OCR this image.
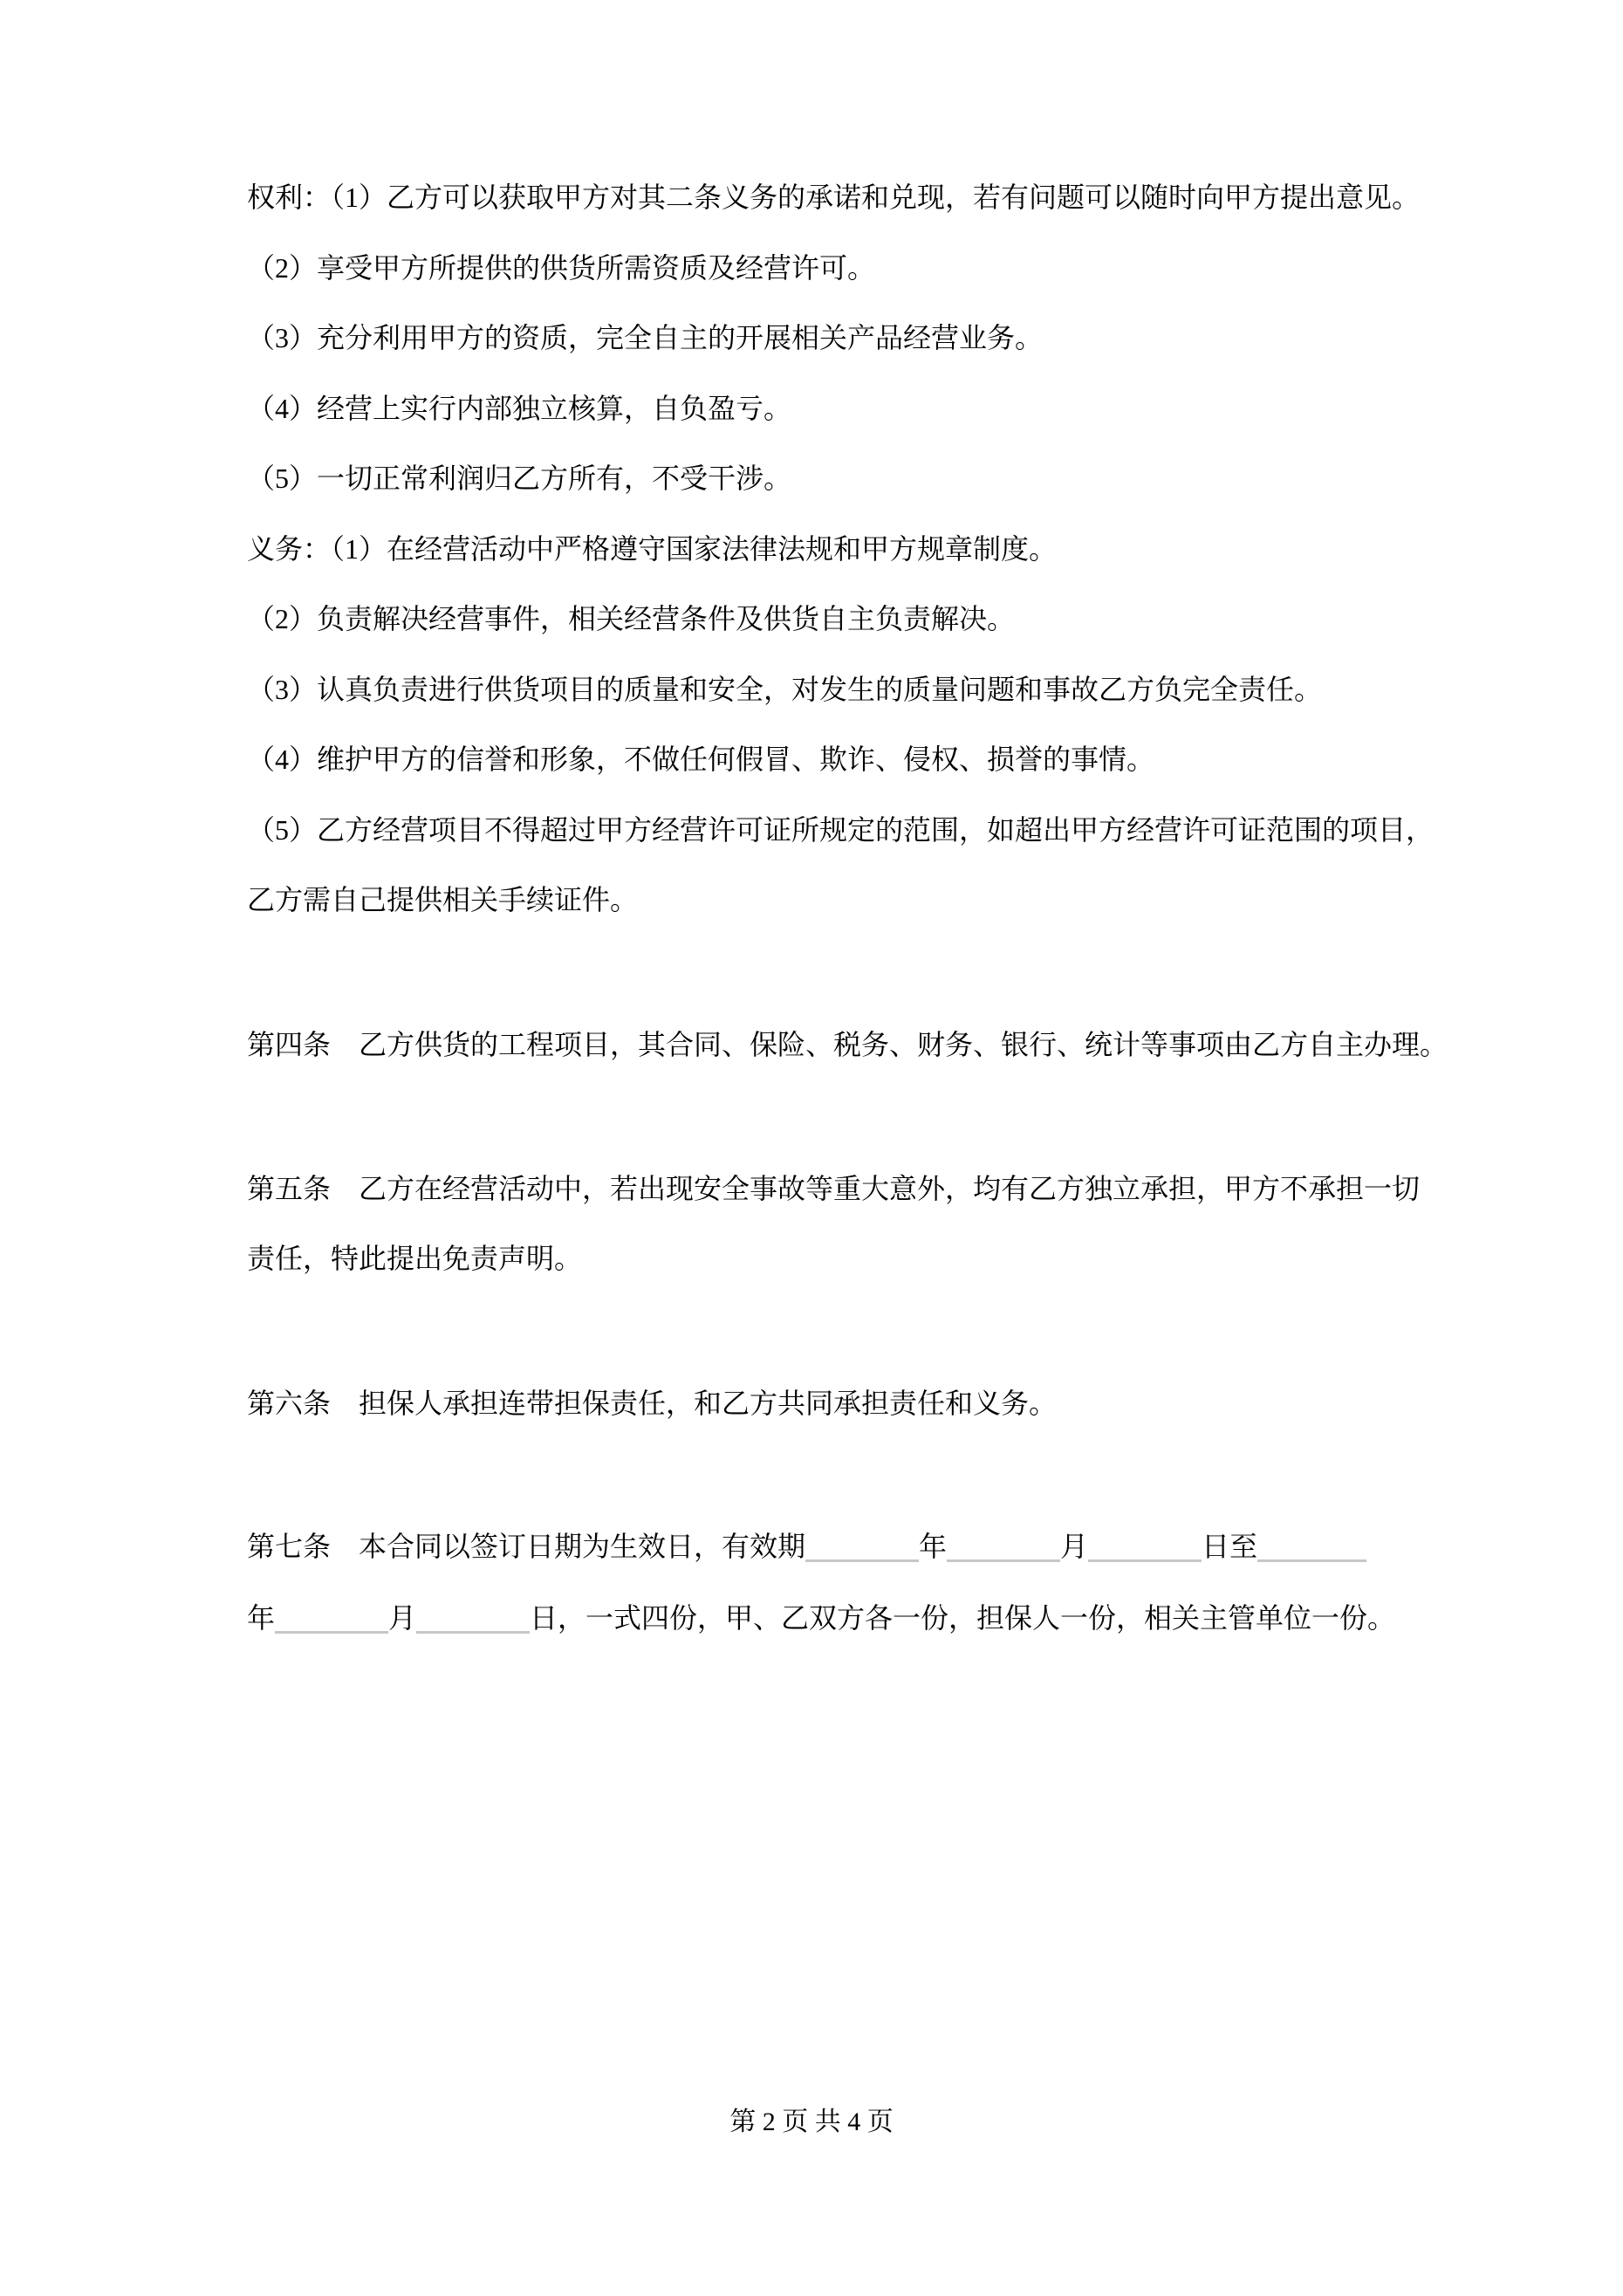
权利：（1）乙方可以获取甲方对其二条义务的承诺和兑现，若有问题可以随时向甲方提出意见。
（2）享受甲方所提供的供货所需资质及经营许可。
（3）充分利用甲方的资质，完全自主的开展相关产品经营业务。
（4）经营上实行内部独立核算，自负盈亏。
（5）一切正常利润归乙方所有，不受干涉。
义务：（1）在经营活动中严格遵守国家法律法规和甲方规章制度。
（2）负责解决经营事件，相关经营条件及供货自主负责解决。
（3）认真负责进行供货项目的质量和安全，对发生的质量问题和事故乙方负完全责任。
（4）维护甲方的信誉和形象，不做任何假冒、欺诈、侵权、损誉的事情。
（5）乙方经营项目不得超过甲方经营许可证所规定的范围，如超出甲方经营许可证范围的项目，
乙方需自己提供相关手续证件。
第四条　乙方供货的工程项目，其合同、保险、税务、财务、银行、统计等事项由乙方自主办理。
第五条　乙方在经营活动中，若出现安全事故等重大意外，均有乙方独立承担，甲方不承担一切
责任，特此提出免责声明。
第六条　担保人承担连带担保责任，和乙方共同承担责任和义务。
第七条　本合同以签订日期为生效日，有效期	年	月	日至
年	月	日，一式四份，甲、乙双方各一份，担保人一份，相关主管单位一份。
第 2 页 共 4 页
